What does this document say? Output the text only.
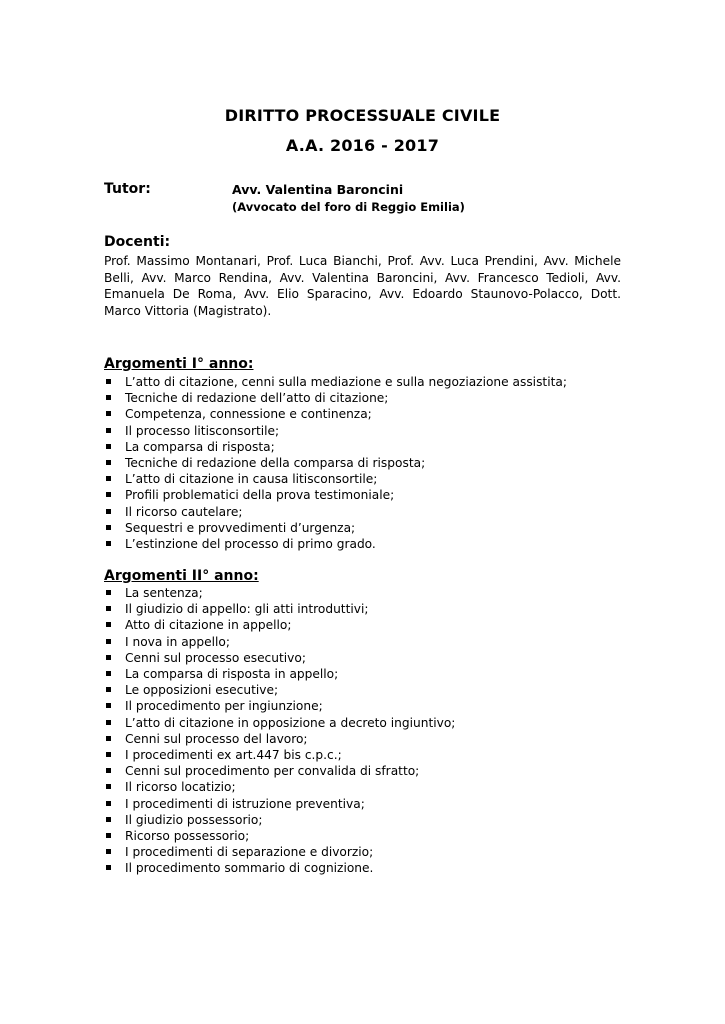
DIRITTO PROCESSUALE CIVILE
A.A. 2016 - 2017
Tutor:	Avv. Valentina Baroncini
(Avvocato del foro di Reggio Emilia)
Docenti:
Prof. Massimo Montanari, Prof. Luca Bianchi, Prof. Avv. Luca Prendini, Avv. Michele Belli, Avv. Marco Rendina, Avv. Valentina Baroncini, Avv. Francesco Tedioli, Avv. Emanuela De Roma, Avv. Elio Sparacino, Avv. Edoardo Staunovo-Polacco, Dott. Marco Vittoria (Magistrato).
Argomenti I° anno:
L’atto di citazione, cenni sulla mediazione e sulla negoziazione assistita;
Tecniche di redazione dell’atto di citazione;
Competenza, connessione e continenza;
Il processo litisconsortile;
La comparsa di risposta;
Tecniche di redazione della comparsa di risposta;
L’atto di citazione in causa litisconsortile;
Profili problematici della prova testimoniale;
Il ricorso cautelare;
Sequestri e provvedimenti d’urgenza;
L’estinzione del processo di primo grado.
Argomenti II° anno:
La sentenza;
Il giudizio di appello: gli atti introduttivi;
Atto di citazione in appello;
I nova in appello;
Cenni sul processo esecutivo;
La comparsa di risposta in appello;
Le opposizioni esecutive;
Il procedimento per ingiunzione;
L’atto di citazione in opposizione a decreto ingiuntivo;
Cenni sul processo del lavoro;
I procedimenti ex art.447 bis c.p.c.;
Cenni sul procedimento per convalida di sfratto;
Il ricorso locatizio;
I procedimenti di istruzione preventiva;
Il giudizio possessorio;
Ricorso possessorio;
I procedimenti di separazione e divorzio;
Il procedimento sommario di cognizione.
